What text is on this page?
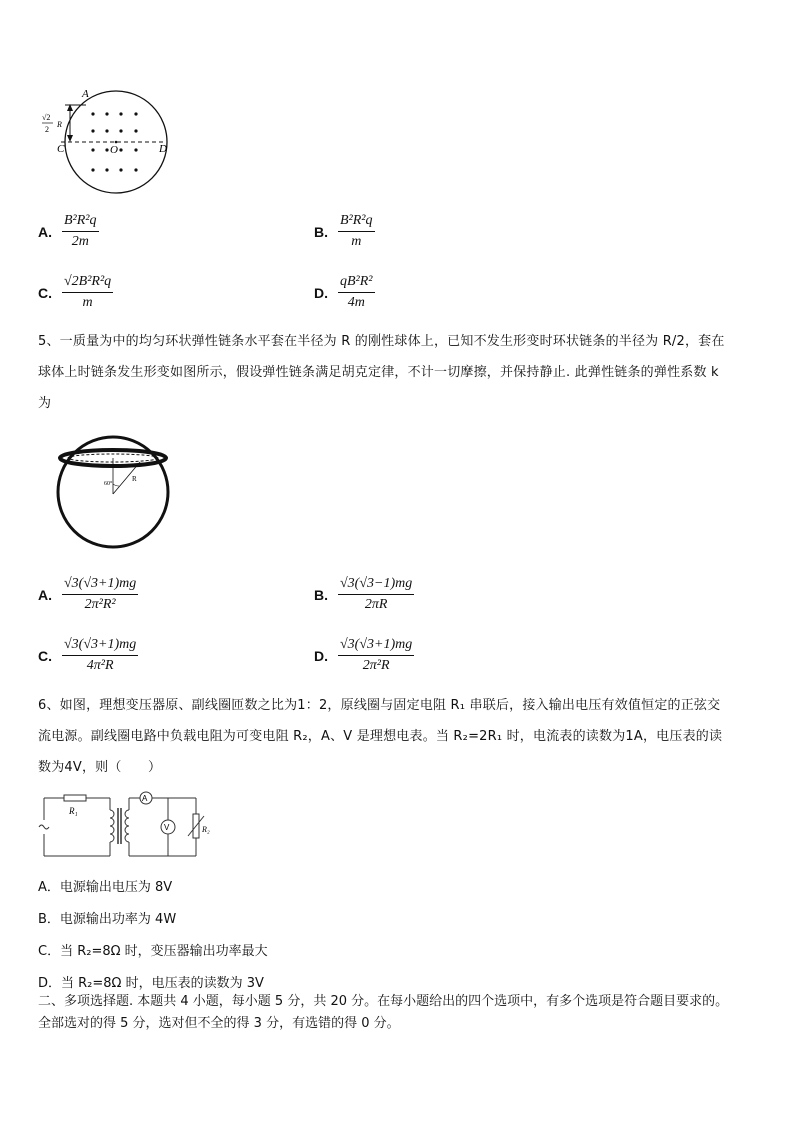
A
C	O	D
√2
2
R
A. $\frac{\text{B²R²q}}{2m}$	B. $\frac{\text{B²R²q}}{m}$
C. $\frac{\text{√2B²R²q}}{m}$	D. $\frac{\text{qB²R²}}{4m}$
5、一质量为中的均匀环状弹性链条水平套在半径为 R 的刚性球体上，已知不发生形变时环状链条的半径为 R/2，套在
球体上时链条发生形变如图所示，假设弹性链条满足胡克定律，不计一切摩擦，并保持静止. 此弹性链条的弹性系数 k
为
60°
R
A. $\frac{√3(√3+1)mg}{\text{2π²R²}}$	B. $\frac{√3(√3-1)mg}{2\pi R}$
C. $\frac{√3(√3+1)mg}{\text{4π²R}}$	D. $\frac{√3(√3+1)mg}{\text{2π²R}}$
6、如图，理想变压器原、副线圈匝数之比为1：2，原线圈与固定电阻 R₁ 串联后，接入输出电压有效值恒定的正弦交
流电源。副线圈电路中负载电阻为可变电阻 R₂，A、V 是理想电表。当 R₂=2R₁ 时，电流表的读数为1A，电压表的读
数为4V，则（　　）
R₁
A
V	R₂
A．电源输出电压为 8V
B．电源输出功率为 4W
C．当 R₂=8Ω 时，变压器输出功率最大
D．当 R₂=8Ω 时，电压表的读数为 3V
二、多项选择题. 本题共 4 小题，每小题 5 分，共 20 分。在每小题给出的四个选项中，有多个选项是符合题目要求的。
全部选对的得 5 分，选对但不全的得 3 分，有选错的得 0 分。
